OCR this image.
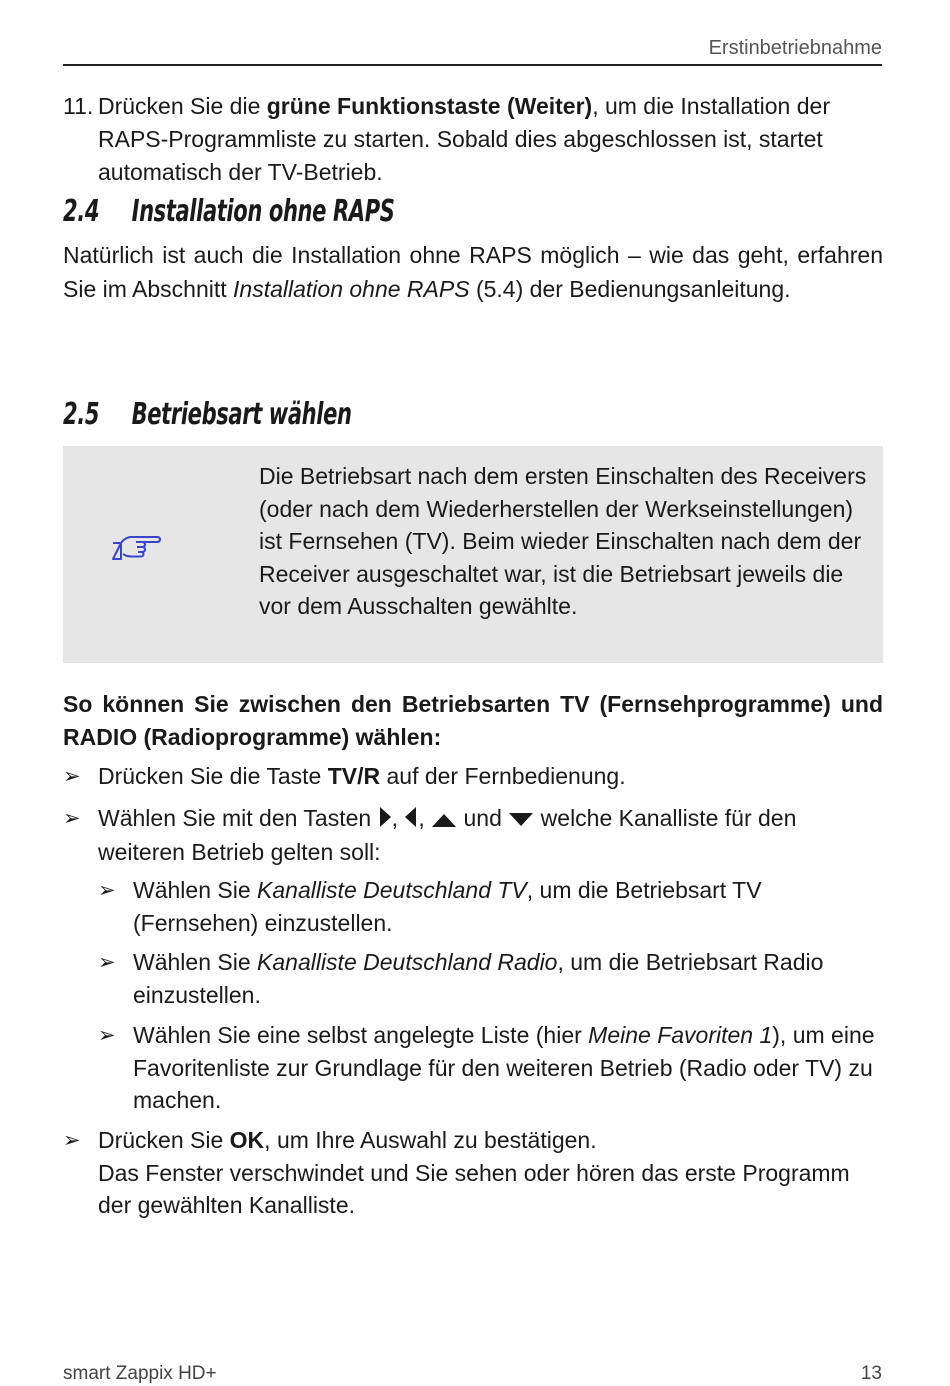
Erstinbetriebnahme
11. Drücken Sie die grüne Funktionstaste (Weiter), um die Installation der RAPS-Programmliste zu starten. Sobald dies abgeschlossen ist, startet automatisch der TV-Betrieb.
2.4 Installation ohne RAPS
Natürlich ist auch die Installation ohne RAPS möglich – wie das geht, erfahren Sie im Abschnitt Installation ohne RAPS (5.4) der Bedienungsanleitung.
2.5 Betriebsart wählen
Die Betriebsart nach dem ersten Einschalten des Receivers
(oder nach dem Wiederherstellen der Werkseinstellungen) ist Fernsehen (TV). Beim wieder Einschalten nach dem der Receiver ausgeschaltet war, ist die Betriebsart jeweils die vor dem Ausschalten gewählte.
So können Sie zwischen den Betriebsarten TV (Fernsehprogramme) und RADIO (Radioprogramme) wählen:
➢ Drücken Sie die Taste TV/R auf der Fernbedienung.
➢ Wählen Sie mit den Tasten , , und welche Kanalliste für den weiteren Betrieb gelten soll:
➢ Wählen Sie Kanalliste Deutschland TV, um die Betriebsart TV (Fernsehen) einzustellen.
➢ Wählen Sie Kanalliste Deutschland Radio, um die Betriebsart Radio einzustellen.
➢ Wählen Sie eine selbst angelegte Liste (hier Meine Favoriten 1), um eine Favoritenliste zur Grundlage für den weiteren Betrieb (Radio oder TV) zu machen.
➢ Drücken Sie OK, um Ihre Auswahl zu bestätigen.
Das Fenster verschwindet und Sie sehen oder hören das erste Programm der gewählten Kanalliste.
smart Zappix HD+	13
